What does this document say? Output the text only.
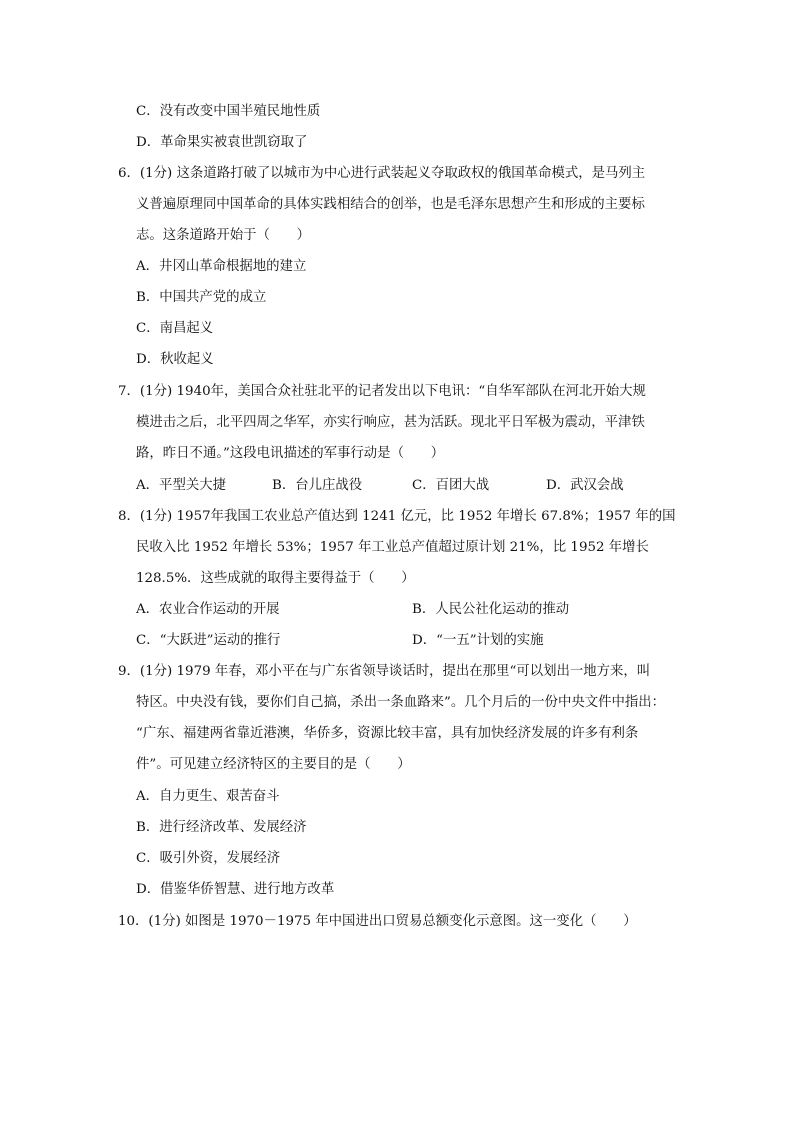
C．没有改变中国半殖民地性质
D．革命果实被袁世凯窃取了
6．(1分) 这条道路打破了以城市为中心进行武装起义夺取政权的俄国革命模式，是马列主
义普遍原理同中国革命的具体实践相结合的创举，也是毛泽东思想产生和形成的主要标
志。这条道路开始于（　　）
A．井冈山革命根据地的建立
B．中国共产党的成立
C．南昌起义
D．秋收起义
7．(1分) 1940年，美国合众社驻北平的记者发出以下电讯：“自华军部队在河北开始大规
模进击之后，北平四周之华军，亦实行响应，甚为活跃。现北平日军极为震动，平津铁
路，昨日不通。”这段电讯描述的军事行动是（　　）
A．平型关大捷	B．台儿庄战役	C．百团大战	D．武汉会战
8．(1分) 1957年我国工农业总产值达到 1241 亿元，比 1952 年增长 67.8%；1957 年的国
民收入比 1952 年增长 53%；1957 年工业总产值超过原计划 21%，比 1952 年增长
128.5%．这些成就的取得主要得益于（　　）
A．农业合作运动的开展	B．人民公社化运动的推动
C．“大跃进”运动的推行	D．“一五”计划的实施
9．(1分) 1979 年春，邓小平在与广东省领导谈话时，提出在那里“可以划出一地方来，叫
特区。中央没有钱，要你们自己搞，杀出一条血路来”。几个月后的一份中央文件中指出：
“广东、福建两省靠近港澳，华侨多，资源比较丰富，具有加快经济发展的许多有利条
件”。可见建立经济特区的主要目的是（　　）
A．自力更生、艰苦奋斗
B．进行经济改革、发展经济
C．吸引外资，发展经济
D．借鉴华侨智慧、进行地方改革
10．(1分) 如图是 1970－1975 年中国进出口贸易总额变化示意图。这一变化（　　）
